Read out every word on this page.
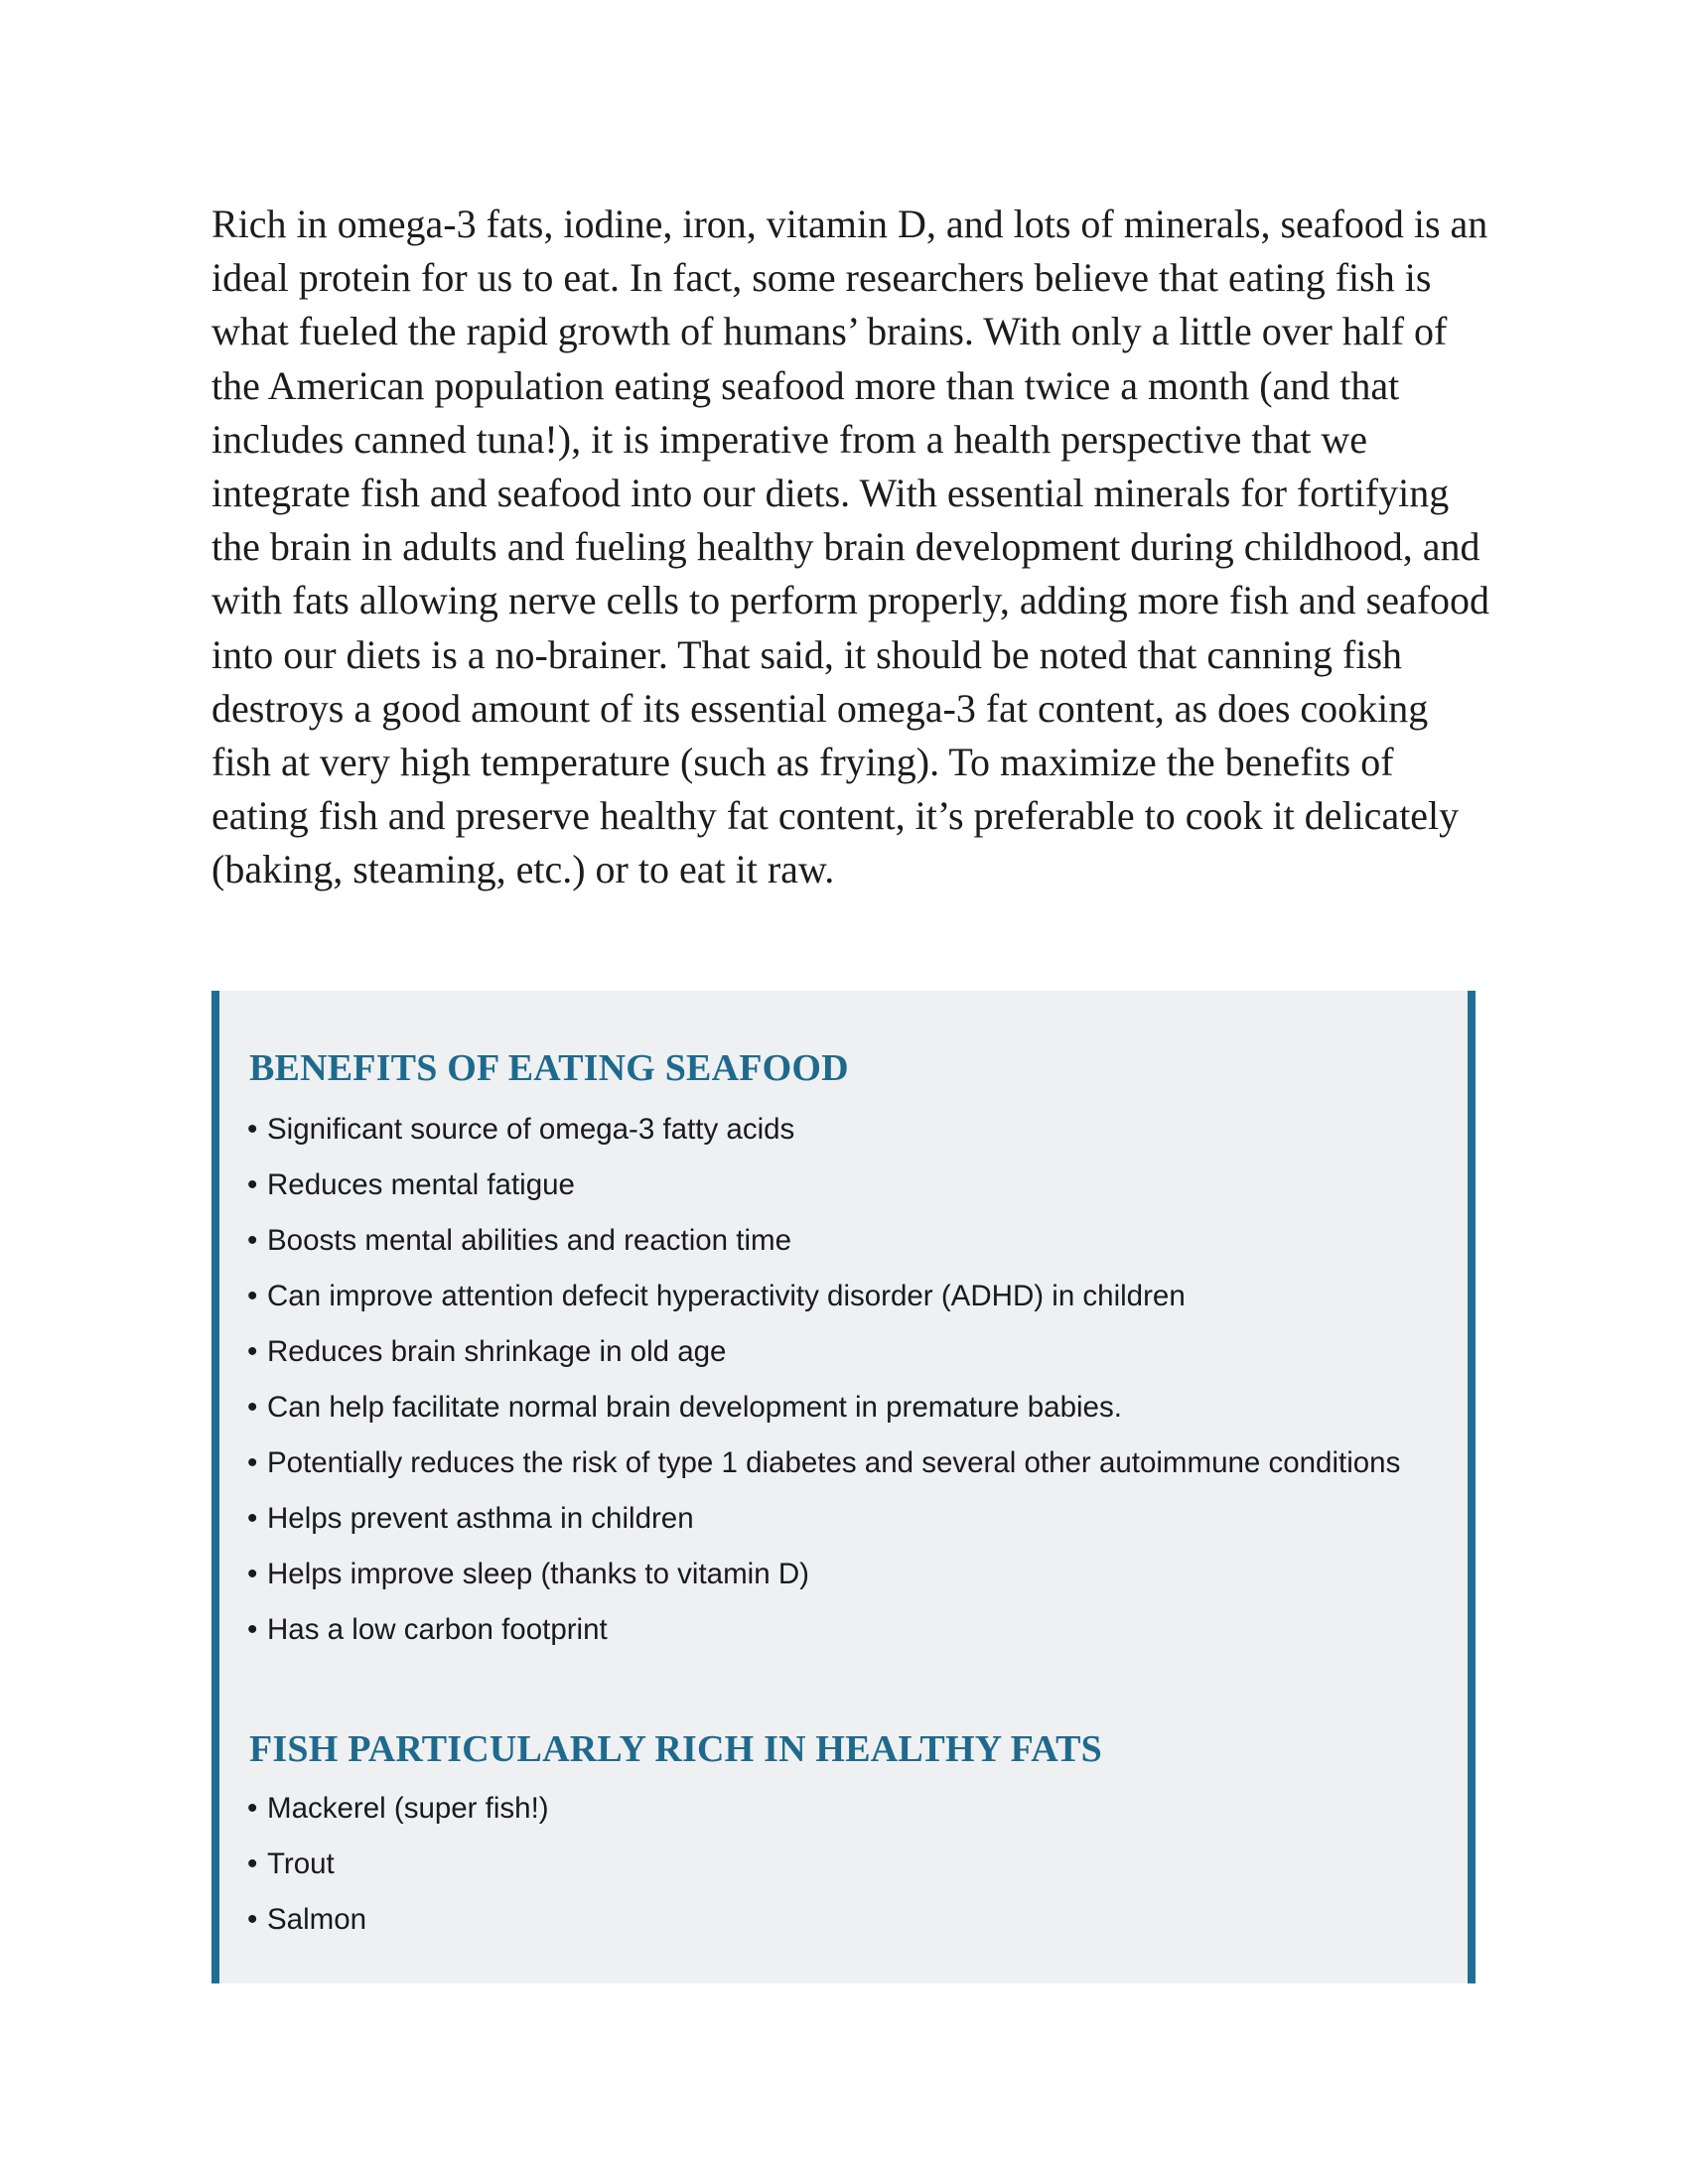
Rich in omega-3 fats, iodine, iron, vitamin D, and lots of minerals, seafood is an ideal protein for us to eat. In fact, some researchers believe that eating fish is what fueled the rapid growth of humans’ brains. With only a little over half of the American population eating seafood more than twice a month (and that includes canned tuna!), it is imperative from a health perspective that we integrate fish and seafood into our diets. With essential minerals for fortifying the brain in adults and fueling healthy brain development during childhood, and with fats allowing nerve cells to perform properly, adding more fish and seafood into our diets is a no-brainer. That said, it should be noted that canning fish destroys a good amount of its essential omega-3 fat content, as does cooking fish at very high temperature (such as frying). To maximize the benefits of eating fish and preserve healthy fat content, it’s preferable to cook it delicately (baking, steaming, etc.) or to eat it raw.

BENEFITS OF EATING SEAFOOD
• Significant source of omega-3 fatty acids
• Reduces mental fatigue
• Boosts mental abilities and reaction time
• Can improve attention defecit hyperactivity disorder (ADHD) in children
• Reduces brain shrinkage in old age
• Can help facilitate normal brain development in premature babies.
• Potentially reduces the risk of type 1 diabetes and several other autoimmune conditions
• Helps prevent asthma in children
• Helps improve sleep (thanks to vitamin D)
• Has a low carbon footprint
FISH PARTICULARLY RICH IN HEALTHY FATS
• Mackerel (super fish!)
• Trout
• Salmon
